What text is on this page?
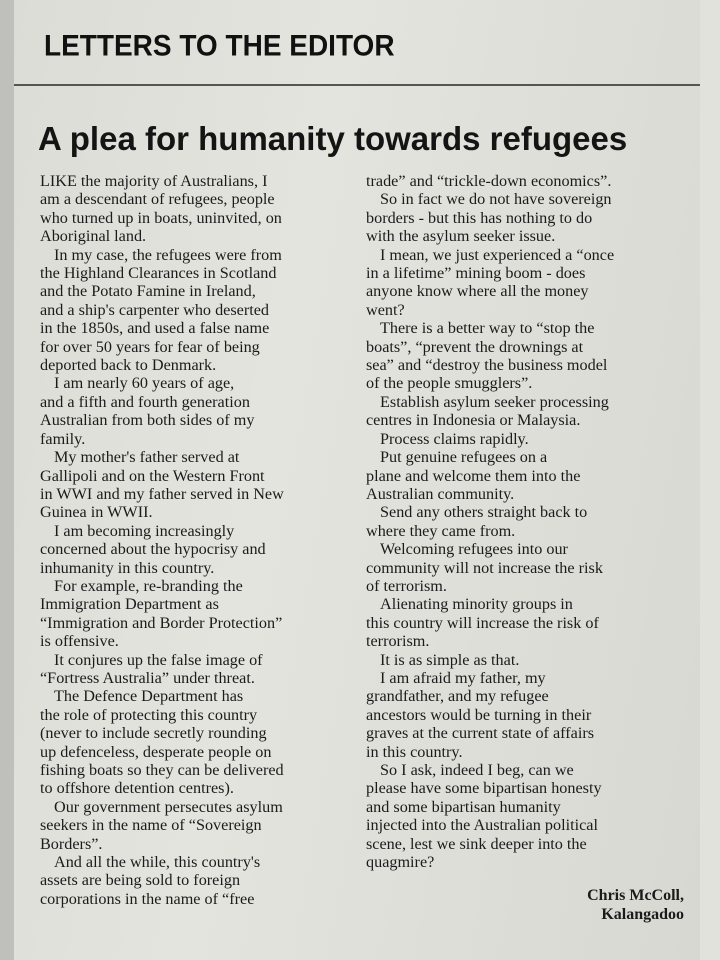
LETTERS TO THE EDITOR
A plea for humanity towards refugees

LIKE the majority of Australians, I
am a descendant of refugees, people
who turned up in boats, uninvited, on
Aboriginal land.

In my case, the refugees were from
the Highland Clearances in Scotland
and the Potato Famine in Ireland,
and a ship's carpenter who deserted
in the 1850s, and used a false name
for over 50 years for fear of being
deported back to Denmark.

I am nearly 60 years of age,
and a fifth and fourth generation
Australian from both sides of my
family.

My mother's father served at
Gallipoli and on the Western Front
in WWI and my father served in New
Guinea in WWII.

I am becoming increasingly
concerned about the hypocrisy and
inhumanity in this country.

For example, re-branding the
Immigration Department as
“Immigration and Border Protection”
is offensive.

It conjures up the false image of
“Fortress Australia” under threat.

The Defence Department has
the role of protecting this country
(never to include secretly rounding
up defenceless, desperate people on
fishing boats so they can be delivered
to offshore detention centres).

Our government persecutes asylum
seekers in the name of “Sovereign
Borders”.

And all the while, this country's
assets are being sold to foreign
corporations in the name of “free

trade” and “trickle-down economics”.

So in fact we do not have sovereign
borders - but this has nothing to do
with the asylum seeker issue.

I mean, we just experienced a “once
in a lifetime” mining boom - does
anyone know where all the money
went?

There is a better way to “stop the
boats”, “prevent the drownings at
sea” and “destroy the business model
of the people smugglers”.

Establish asylum seeker processing
centres in Indonesia or Malaysia.

Process claims rapidly.

Put genuine refugees on a
plane and welcome them into the
Australian community.

Send any others straight back to
where they came from.

Welcoming refugees into our
community will not increase the risk
of terrorism.

Alienating minority groups in
this country will increase the risk of
terrorism.

It is as simple as that.

I am afraid my father, my
grandfather, and my refugee
ancestors would be turning in their
graves at the current state of affairs
in this country.

So I ask, indeed I beg, can we
please have some bipartisan honesty
and some bipartisan humanity
injected into the Australian political
scene, lest we sink deeper into the
quagmire?

Chris McColl,
Kalangadoo
